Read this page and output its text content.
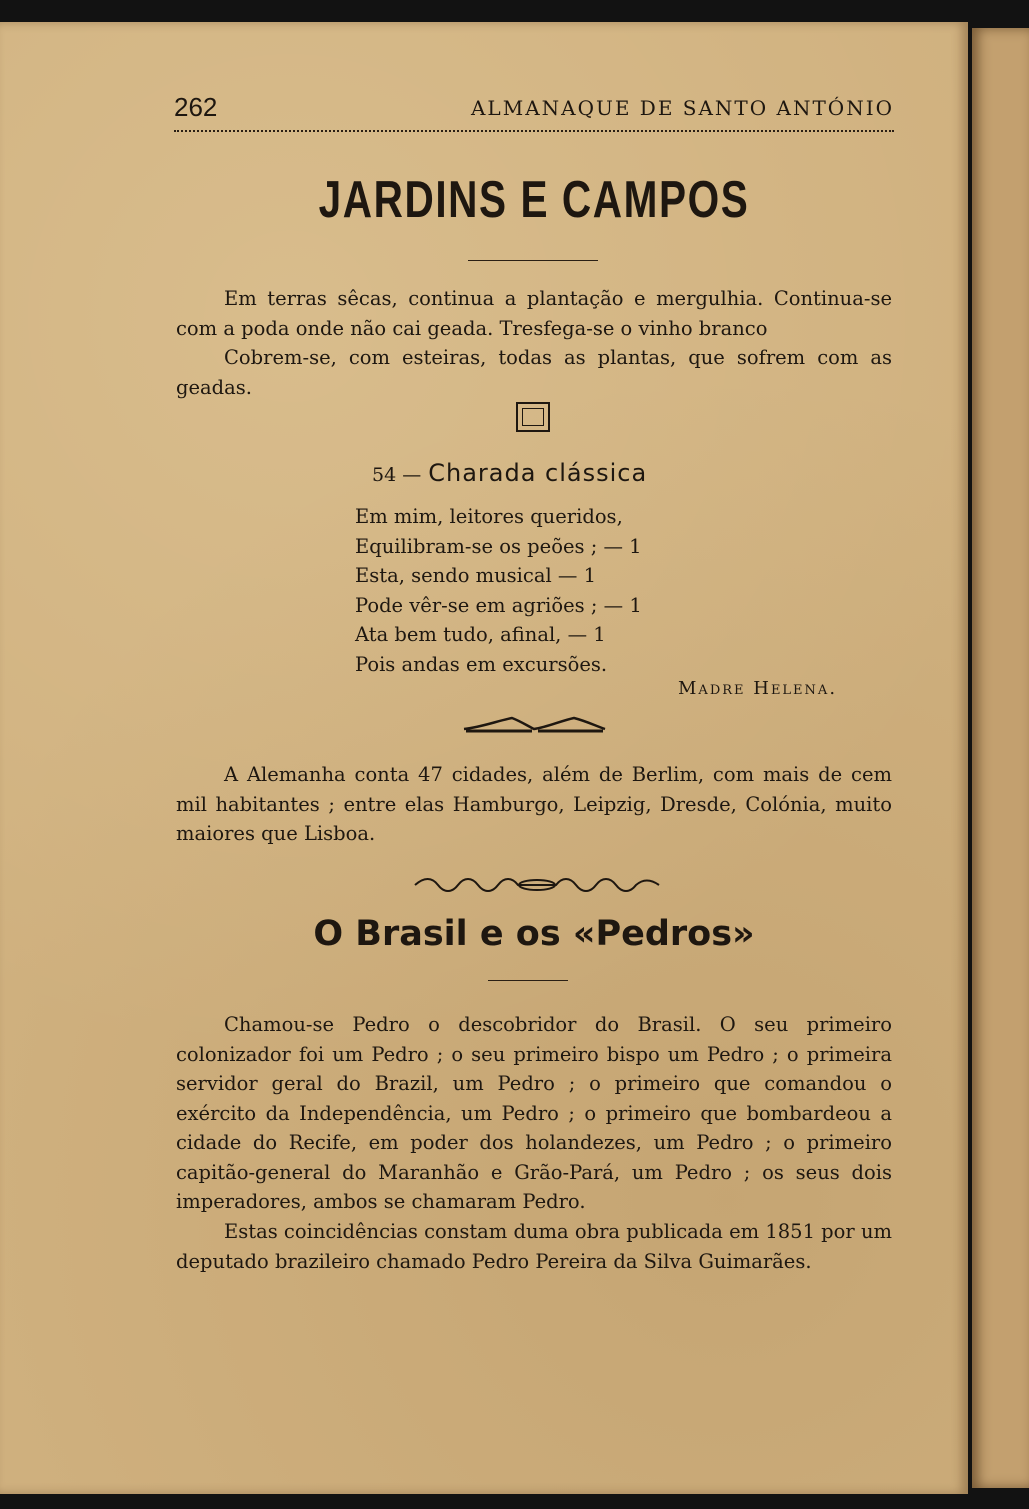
262	ALMANAQUE DE SANTO ANTÓNIO
JARDINS E CAMPOS

Em terras sêcas, continua a plantação e mergulhia. Continua-se com a poda onde não cai geada. Tresfega-se o vinho branco

Cobrem-se, com esteiras, todas as plantas, que sofrem com as geadas.

54 — Charada clássica
Em mim, leitores queridos,
Equilibram-se os peões ; — 1
Esta, sendo musical — 1
Pode vêr-se em agriões ; — 1
Ata bem tudo, afinal, — 1
Pois andas em excursões.
Madre Helena.

A Alemanha conta 47 cidades, além de Berlim, com mais de cem mil habitantes ; entre elas Hamburgo, Leipzig, Dresde, Colónia, muito maiores que Lisboa.

O Brasil e os «Pedros»

Chamou-se Pedro o descobridor do Brasil. O seu primeiro colonizador foi um Pedro ; o seu primeiro bispo um Pedro ; o primeira servidor geral do Brazil, um Pedro ; o primeiro que comandou o exército da Independência, um Pedro ; o primeiro que bombardeou a cidade do Recife, em poder dos holandezes, um Pedro ; o primeiro capitão-general do Maranhão e Grão-Pará, um Pedro ; os seus dois imperadores, ambos se chamaram Pedro.

Estas coincidências constam duma obra publicada em 1851 por um deputado brazileiro chamado Pedro Pereira da Silva Guimarães.
